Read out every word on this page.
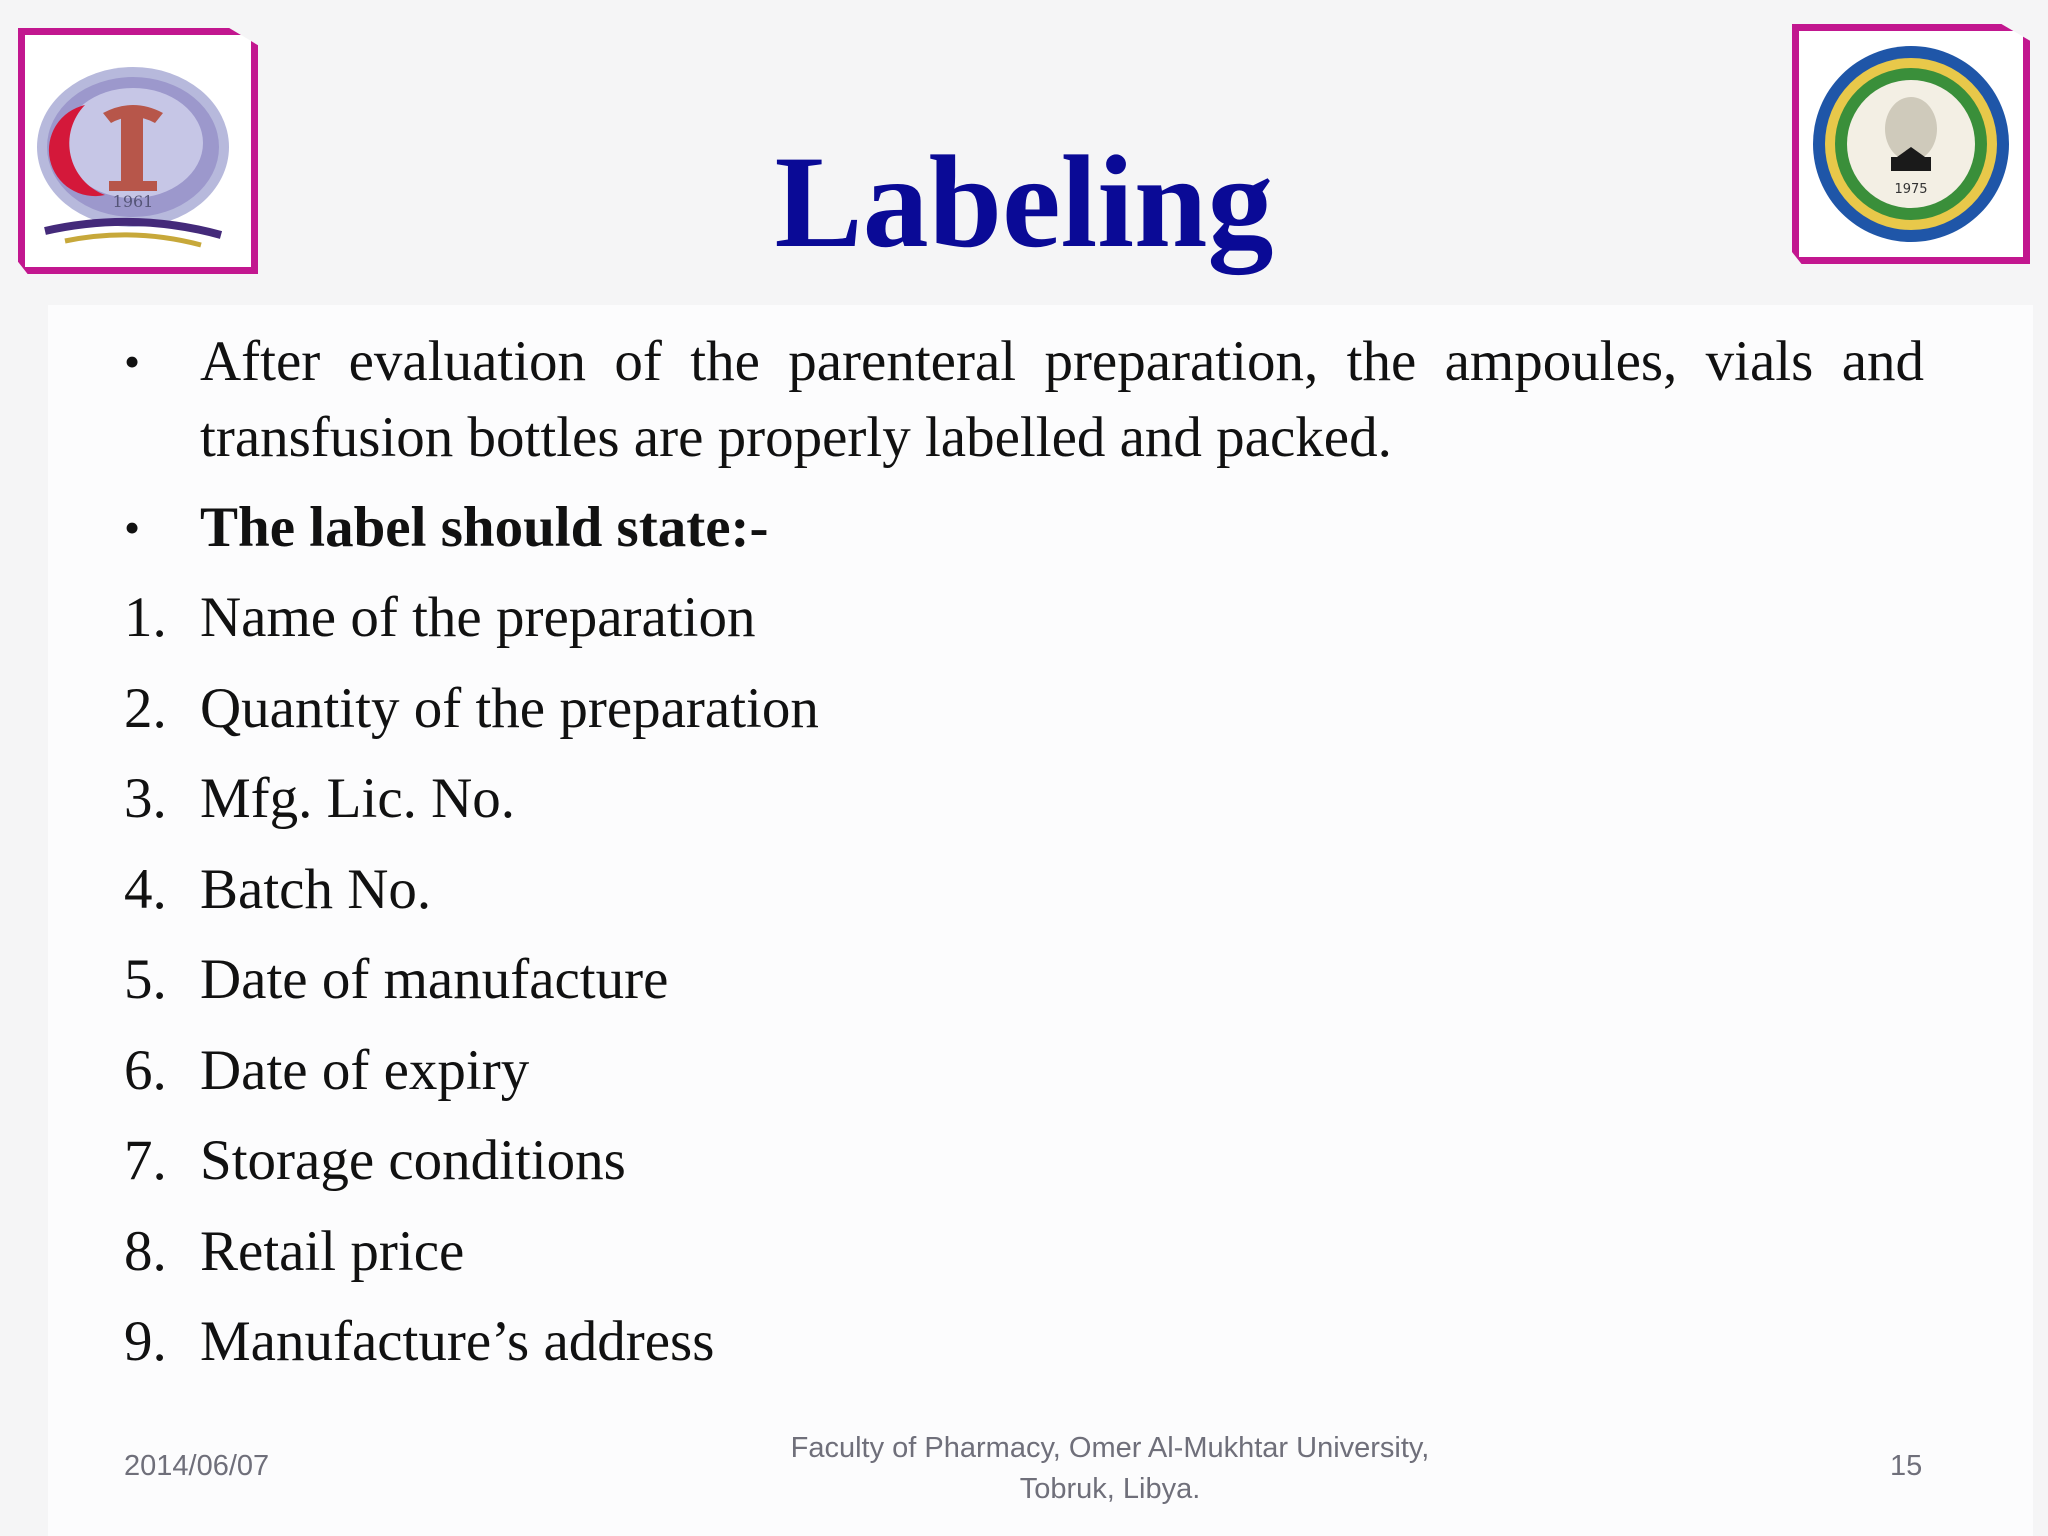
1961
1975
Labeling
•	After evaluation of the parenteral preparation, the ampoules, vials and transfusion bottles are properly labelled and packed.
•	The label should state:-
1. Name of the preparation
2. Quantity of the preparation
3. Mfg. Lic. No.
4. Batch No.
5. Date of manufacture
6. Date of expiry
7. Storage conditions
8. Retail price
9. Manufacture’s address
2014/06/07
Faculty of Pharmacy, Omer Al-Mukhtar University,
Tobruk, Libya.
15
